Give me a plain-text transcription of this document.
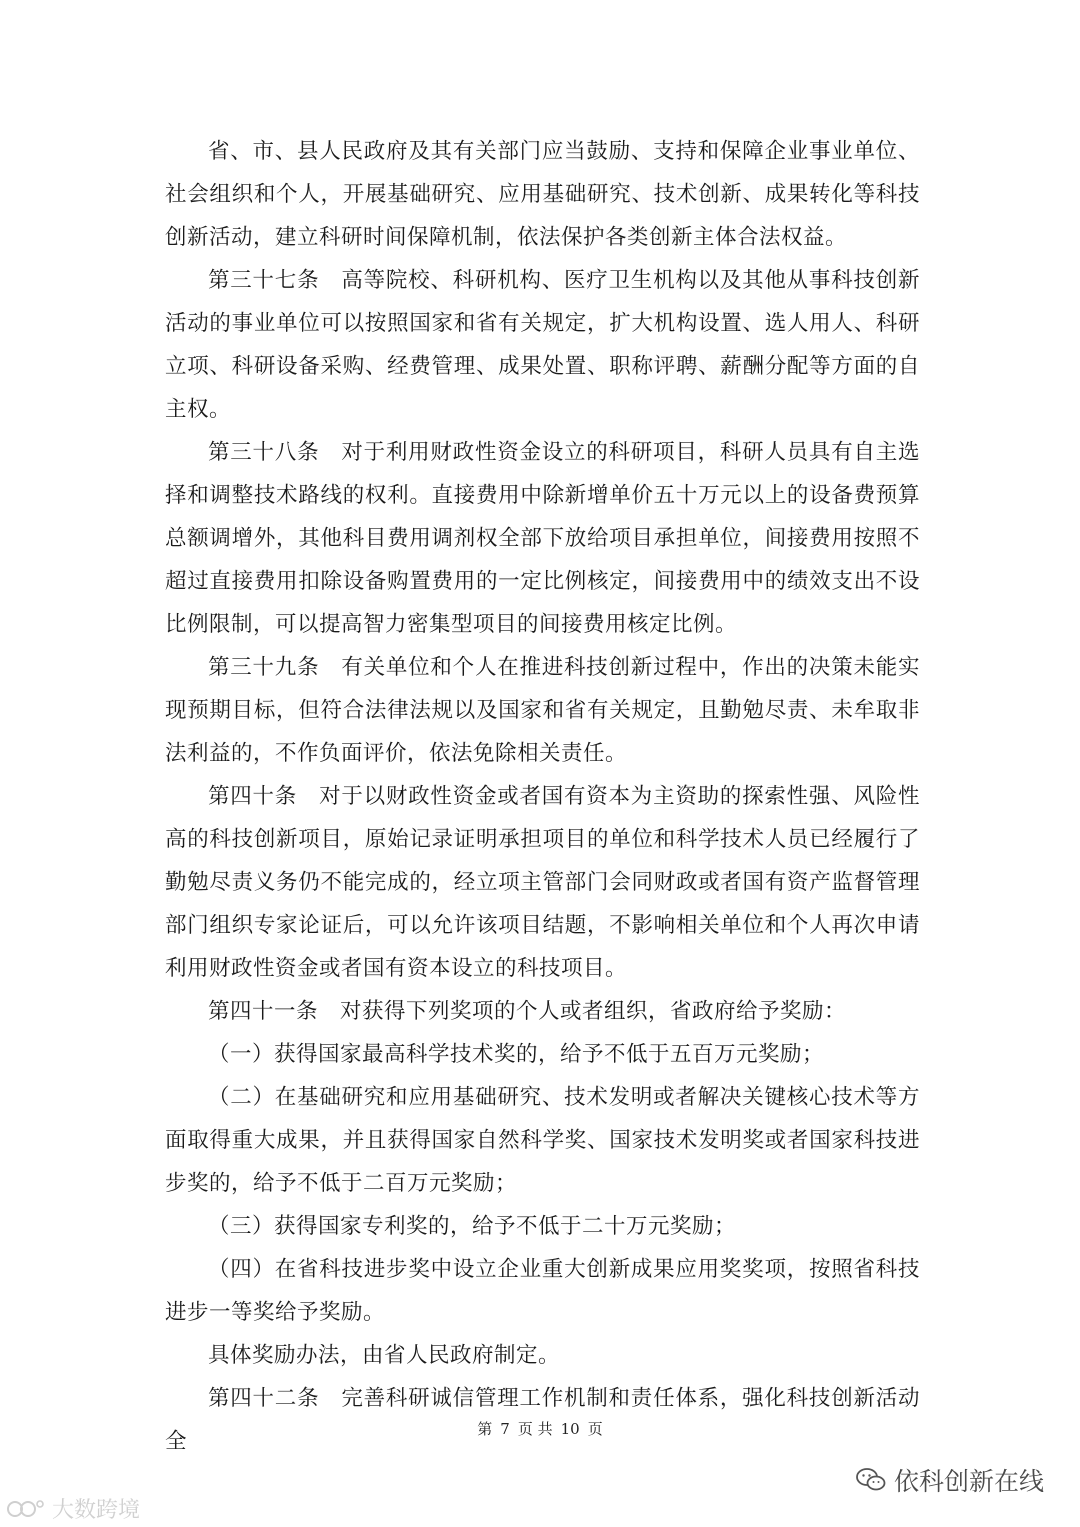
省、市、县人民政府及其有关部门应当鼓励、支持和保障企业事业单位、社会组织和个人，开展基础研究、应用基础研究、技术创新、成果转化等科技创新活动，建立科研时间保障机制，依法保护各类创新主体合法权益。

第三十七条 高等院校、科研机构、医疗卫生机构以及其他从事科技创新活动的事业单位可以按照国家和省有关规定，扩大机构设置、选人用人、科研立项、科研设备采购、经费管理、成果处置、职称评聘、薪酬分配等方面的自主权。

第三十八条 对于利用财政性资金设立的科研项目，科研人员具有自主选择和调整技术路线的权利。直接费用中除新增单价五十万元以上的设备费预算总额调增外，其他科目费用调剂权全部下放给项目承担单位，间接费用按照不超过直接费用扣除设备购置费用的一定比例核定，间接费用中的绩效支出不设比例限制，可以提高智力密集型项目的间接费用核定比例。

第三十九条 有关单位和个人在推进科技创新过程中，作出的决策未能实现预期目标，但符合法律法规以及国家和省有关规定，且勤勉尽责、未牟取非法利益的，不作负面评价，依法免除相关责任。

第四十条 对于以财政性资金或者国有资本为主资助的探索性强、风险性高的科技创新项目，原始记录证明承担项目的单位和科学技术人员已经履行了勤勉尽责义务仍不能完成的，经立项主管部门会同财政或者国有资产监督管理部门组织专家论证后，可以允许该项目结题，不影响相关单位和个人再次申请利用财政性资金或者国有资本设立的科技项目。

第四十一条 对获得下列奖项的个人或者组织，省政府给予奖励：

（一）获得国家最高科学技术奖的，给予不低于五百万元奖励；

（二）在基础研究和应用基础研究、技术发明或者解决关键核心技术等方面取得重大成果，并且获得国家自然科学奖、国家技术发明奖或者国家科技进步奖的，给予不低于二百万元奖励；

（三）获得国家专利奖的，给予不低于二十万元奖励；

（四）在省科技进步奖中设立企业重大创新成果应用奖奖项，按照省科技进步一等奖给予奖励。

具体奖励办法，由省人民政府制定。

第四十二条 完善科研诚信管理工作机制和责任体系，强化科技创新活动全	第 7 页 共 10 页
依科创新在线
大数跨境
